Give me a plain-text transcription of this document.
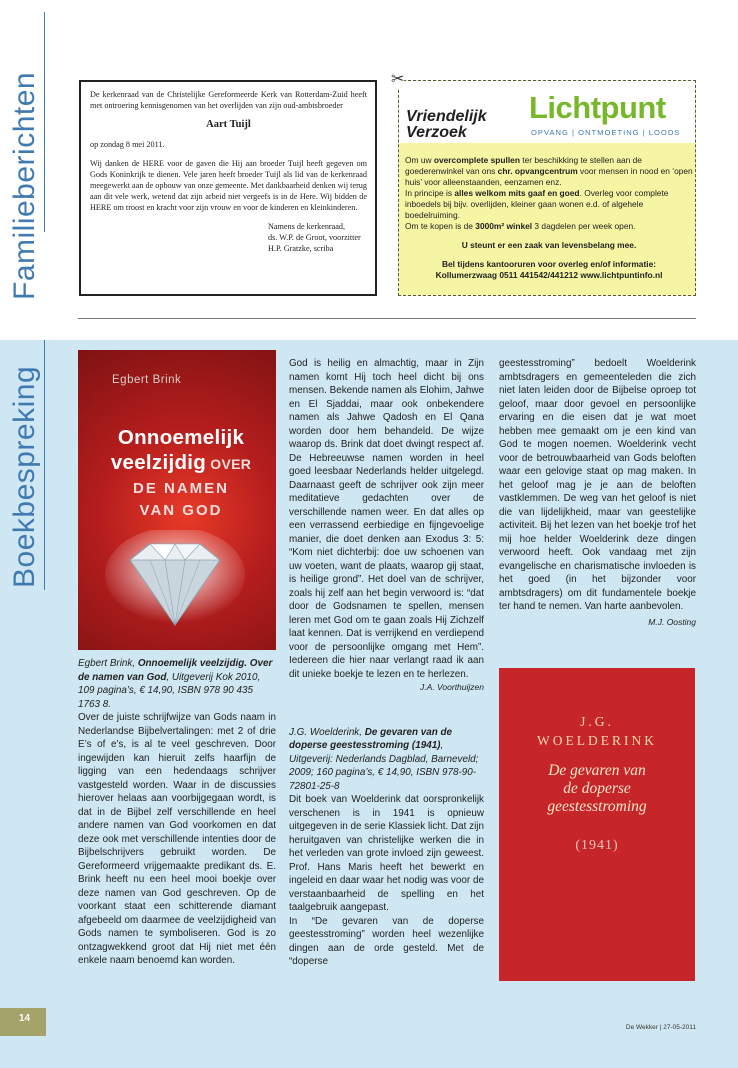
Familieberichten	De kerkenraad van de Christelijke Gereformeerde Kerk van Rotterdam-Zuid heeft met ontroering kennisgenomen van het overlijden van zijn oud-ambtsbroeder

Aart Tuijl

op zondag 8 mei 2011.

Wij danken de HERE voor de gaven die Hij aan broeder Tuijl heeft gegeven om Gods Koninkrijk te dienen. Vele jaren heeft broeder Tuijl als lid van de kerkenraad meegewerkt aan de opbouw van onze gemeente. Met dankbaarheid denken wij terug aan dit vele werk, wetend dat zijn arbeid niet vergeefs is in de Here. Wij bidden de HERE om troost en kracht voor zijn vrouw en voor de kinderen en kleinkinderen.

Namens de kerkenraad,
ds. W.P. de Groot, voorzitter
H.P. Gratzke, scriba
✂
Vriendelijk
Verzoek
Lichtpunt
OPVANG | ONTMOETING | LOODS
Om uw overcomplete spullen ter beschikking te stellen aan de goederenwinkel van ons chr. opvangcentrum voor mensen in nood en ‘open huis’ voor alleenstaanden, eenzamen enz.
In principe is alles welkom mits gaaf en goed. Overleg voor complete inboedels bij bijv. overlijden, kleiner gaan wonen e.d. of algehele boedelruiming.
Om te kopen is de 3000m² winkel 3 dagdelen per week open.
U steunt er een zaak van levensbelang mee.
Bel tijdens kantooruren voor overleg en/of informatie:
Kollumerzwaag 0511 441542/441212 www.lichtpuntinfo.nl
Boekbespreking	Egbert Brink
Onnoemelijk
veelzijdig OVER
DE NAMEN
VAN GOD
Egbert Brink, Onnoemelijk veelzijdig. Over de namen van God, Uitgeverij Kok 2010, 109 pagina’s, € 14,90, ISBN 978 90 435 1763 8.
Over de juiste schrijfwijze van Gods naam in Nederlandse Bijbelvertalingen: met 2 of drie E’s of e’s, is al te veel geschreven. Door ingewijden kan hieruit zelfs haarfijn de ligging van een hedendaags schrijver vastgesteld worden. Waar in de discussies hierover helaas aan voorbijgegaan wordt, is dat in de Bijbel zelf verschillende en heel andere namen van God voorkomen en dat deze ook met verschillende intenties door de Bijbelschrijvers gebruikt worden. De Gereformeerd vrijgemaakte predikant ds. E. Brink heeft nu een heel mooi boekje over deze namen van God geschreven. Op de voorkant staat een schitterende diamant afgebeeld om daarmee de veelzijdigheid van Gods namen te symboliseren. God is zo ontzagwekkend groot dat Hij niet met één enkele naam benoemd kan worden.
God is heilig en almachtig, maar in Zijn namen komt Hij toch heel dicht bij ons mensen. Bekende namen als Elohim, Jahwe en El Sjaddai, maar ook onbekendere namen als Jahwe Qadosh en El Qana worden door hem behandeld. De wijze waarop ds. Brink dat doet dwingt respect af. De Hebreeuwse namen worden in heel goed leesbaar Nederlands helder uitgelegd. Daarnaast geeft de schrijver ook zijn meer meditatieve gedachten over de verschillende namen weer. En dat alles op een verrassend eerbiedige en fijngevoelige manier, die doet denken aan Exodus 3: 5: “Kom niet dichterbij: doe uw schoenen van uw voeten, want de plaats, waarop gij staat, is heilige grond”. Het doel van de schrijver, zoals hij zelf aan het begin verwoord is: “dat door de Godsnamen te spellen, mensen leren met God om te gaan zoals Hij Zichzelf laat kennen. Dat is verrijkend en verdiepend voor de persoonlijke omgang met Hem”. Iedereen die hier naar verlangt raad ik aan dit unieke boekje te lezen en te herlezen.
J.A. Voorthuijzen
J.G. Woelderink, De gevaren van de doperse geestesstroming (1941), Uitgeverij: Nederlands Dagblad, Barneveld; 2009; 160 pagina’s, € 14,90, ISBN 978-90-72801-25-8
Dit boek van Woelderink dat oorspronkelijk verschenen is in 1941 is opnieuw uitgegeven in de serie Klassiek licht. Dat zijn heruitgaven van christelijke werken die in het verleden van grote invloed zijn geweest. Prof. Hans Maris heeft het bewerkt en ingeleid en daar waar het nodig was voor de verstaanbaarheid de spelling en het taalgebruik aangepast.
In “De gevaren van de doperse geestesstroming” worden heel wezenlijke dingen aan de orde gesteld. Met de “doperse
geestesstroming” bedoelt Woelderink ambtsdragers en gemeenteleden die zich niet laten leiden door de Bijbelse oproep tot geloof, maar door gevoel en persoonlijke ervaring en die eisen dat je wat moet hebben mee gemaakt om je een kind van God te mogen noemen. Woelderink vecht voor de betrouwbaarheid van Gods beloften waar een gelovige staat op mag maken. In het geloof mag je je aan de beloften vastklemmen. De weg van het geloof is niet die van lijdelijkheid, maar van geestelijke activiteit. Bij het lezen van het boekje trof het mij hoe helder Woelderink deze dingen verwoord heeft. Ook vandaag met zijn evangelische en charismatische invloeden is het goed (in het bijzonder voor ambtsdragers) om dit fundamentele boekje ter hand te nemen. Van harte aanbevolen.
M.J. Oosting
J.G.
WOELDERINK
De gevaren van
de doperse
geestesstroming
(1941)
14
De Wekker | 27-05-2011
